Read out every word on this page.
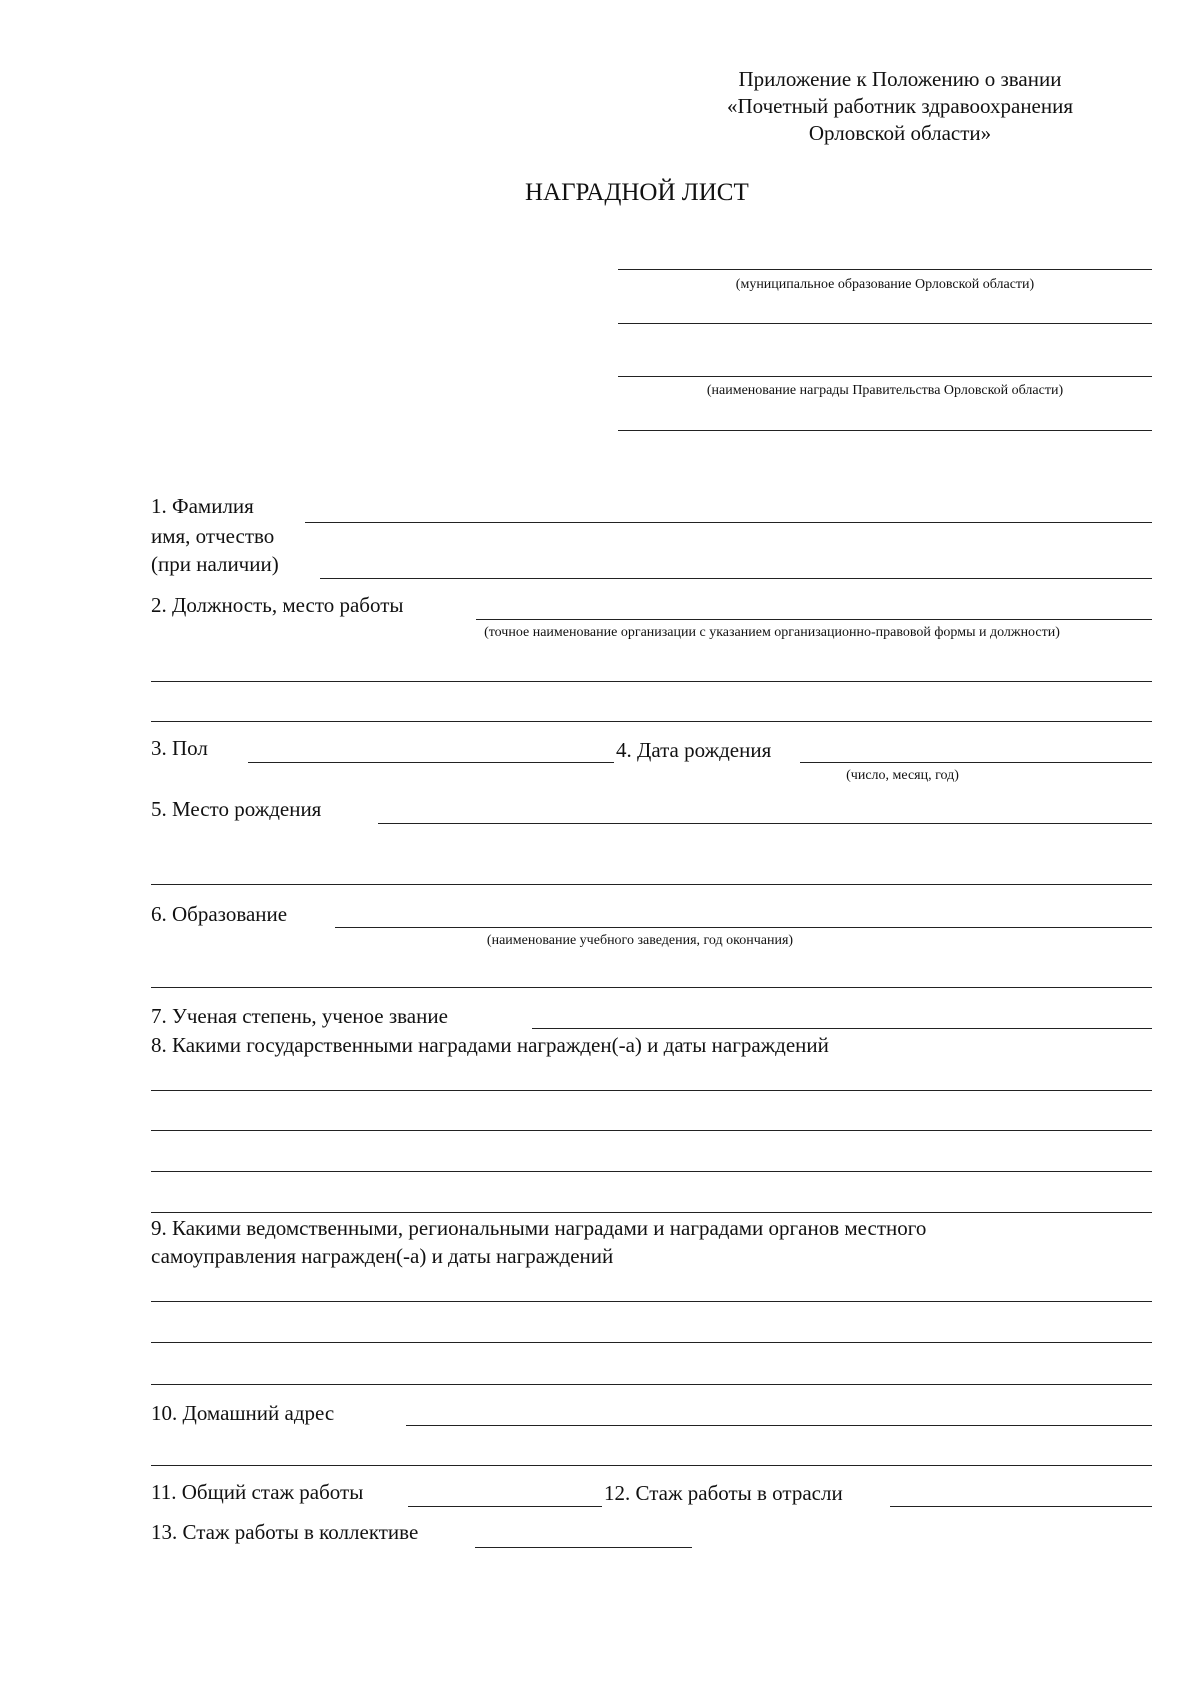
Приложение к Положению о звании
«Почетный работник здравоохранения
Орловской области»
НАГРАДНОЙ ЛИСТ
(муниципальное образование Орловской области)
(наименование награды Правительства Орловской области)
1. Фамилия
имя, отчество
(при наличии)
2. Должность, место работы
(точное наименование организации с указанием организационно-правовой формы и должности)
3. Пол	4. Дата рождения
(число, месяц, год)
5. Место рождения
6. Образование
(наименование учебного заведения, год окончания)
7. Ученая степень, ученое звание
8. Какими государственными наградами награжден(-а) и даты награждений
9. Какими ведомственными, региональными наградами и наградами органов местного
самоуправления награжден(-а) и даты награждений
10. Домашний адрес
11. Общий стаж работы	12. Стаж работы в отрасли
13. Стаж работы в коллективе
